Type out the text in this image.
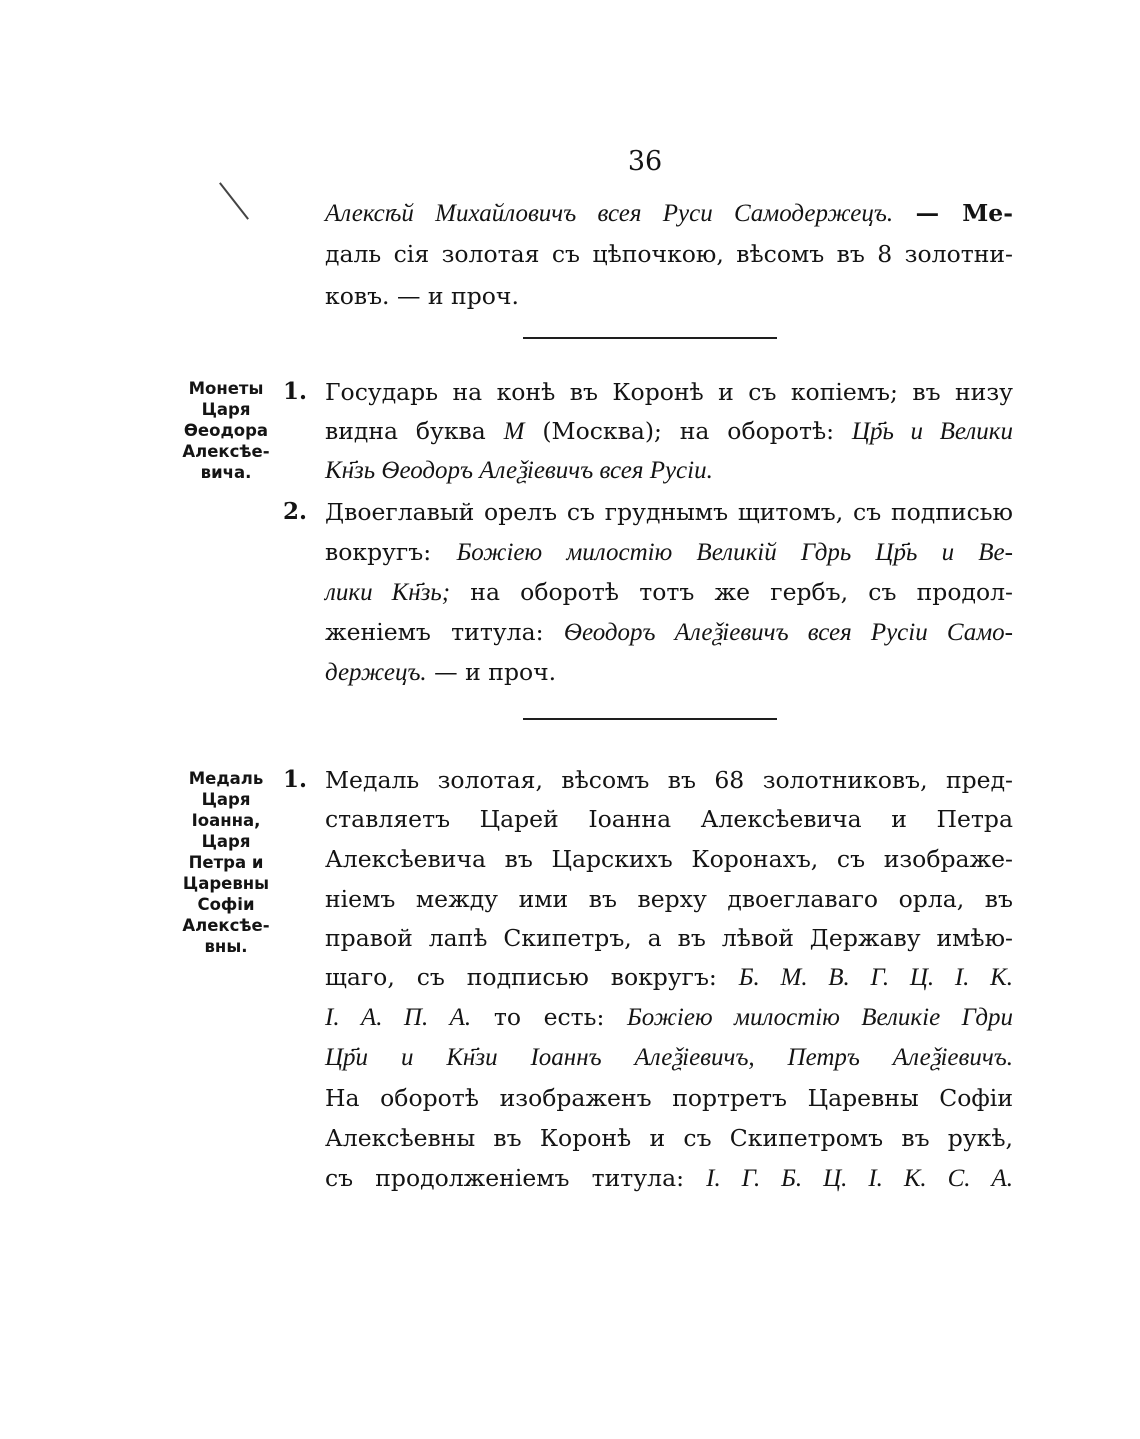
36
Алексѣй Михайловичъ всея Руси Самодержецъ. — Ме-
даль сія золотая съ цѣпочкою, вѣсомъ въ 8 золотни-
ковъ. — и проч.
Монеты
Царя
Ѳеодора
Алексѣе-
вича.
1. Государь на конѣ въ Коронѣ и съ копіемъ; въ низу
видна буква М (Москва); на оборотѣ: Цр҃ь и Велики
Кн҃зь Ѳеодоръ Алеѯіевичъ всея Русіи.
2. Двоеглавый орелъ съ груднымъ щитомъ, съ подписью
вокругъ: Божіею милостію Великій Гдрь Цр҃ь и Ве-
лики Кн҃зь; на оборотѣ тотъ же гербъ, съ продол-
женіемъ титула: Ѳеодоръ Алеѯіевичъ всея Русіи Само-
держецъ. — и проч.
Медаль
Царя
Іоанна,
Царя
Петра и
Царевны
Софіи
Алексѣе-
вны.
1. Медаль золотая, вѣсомъ въ 68 золотниковъ, пред-
ставляетъ Царей Іоанна Алексѣевича и Петра
Алексѣевича въ Царскихъ Коронахъ, съ изображе-
ніемъ между ими въ верху двоеглаваго орла, въ
правой лапѣ Скипетръ, а въ лѣвой Державу имѣю-
щаго, съ подписью вокругъ: Б. М. В. Г. Ц. І. К.
І. А. П. А. то есть: Божіею милостію Великіе Гдри
Цр҃и и Кн҃зи Іоаннъ Алеѯіевичъ, Петръ Алеѯіевичъ.
На оборотѣ изображенъ портретъ Царевны Софіи
Алексѣевны въ Коронѣ и съ Скипетромъ въ рукѣ,
съ продолженіемъ титула: І. Г. Б. Ц. І. К. С. А.
